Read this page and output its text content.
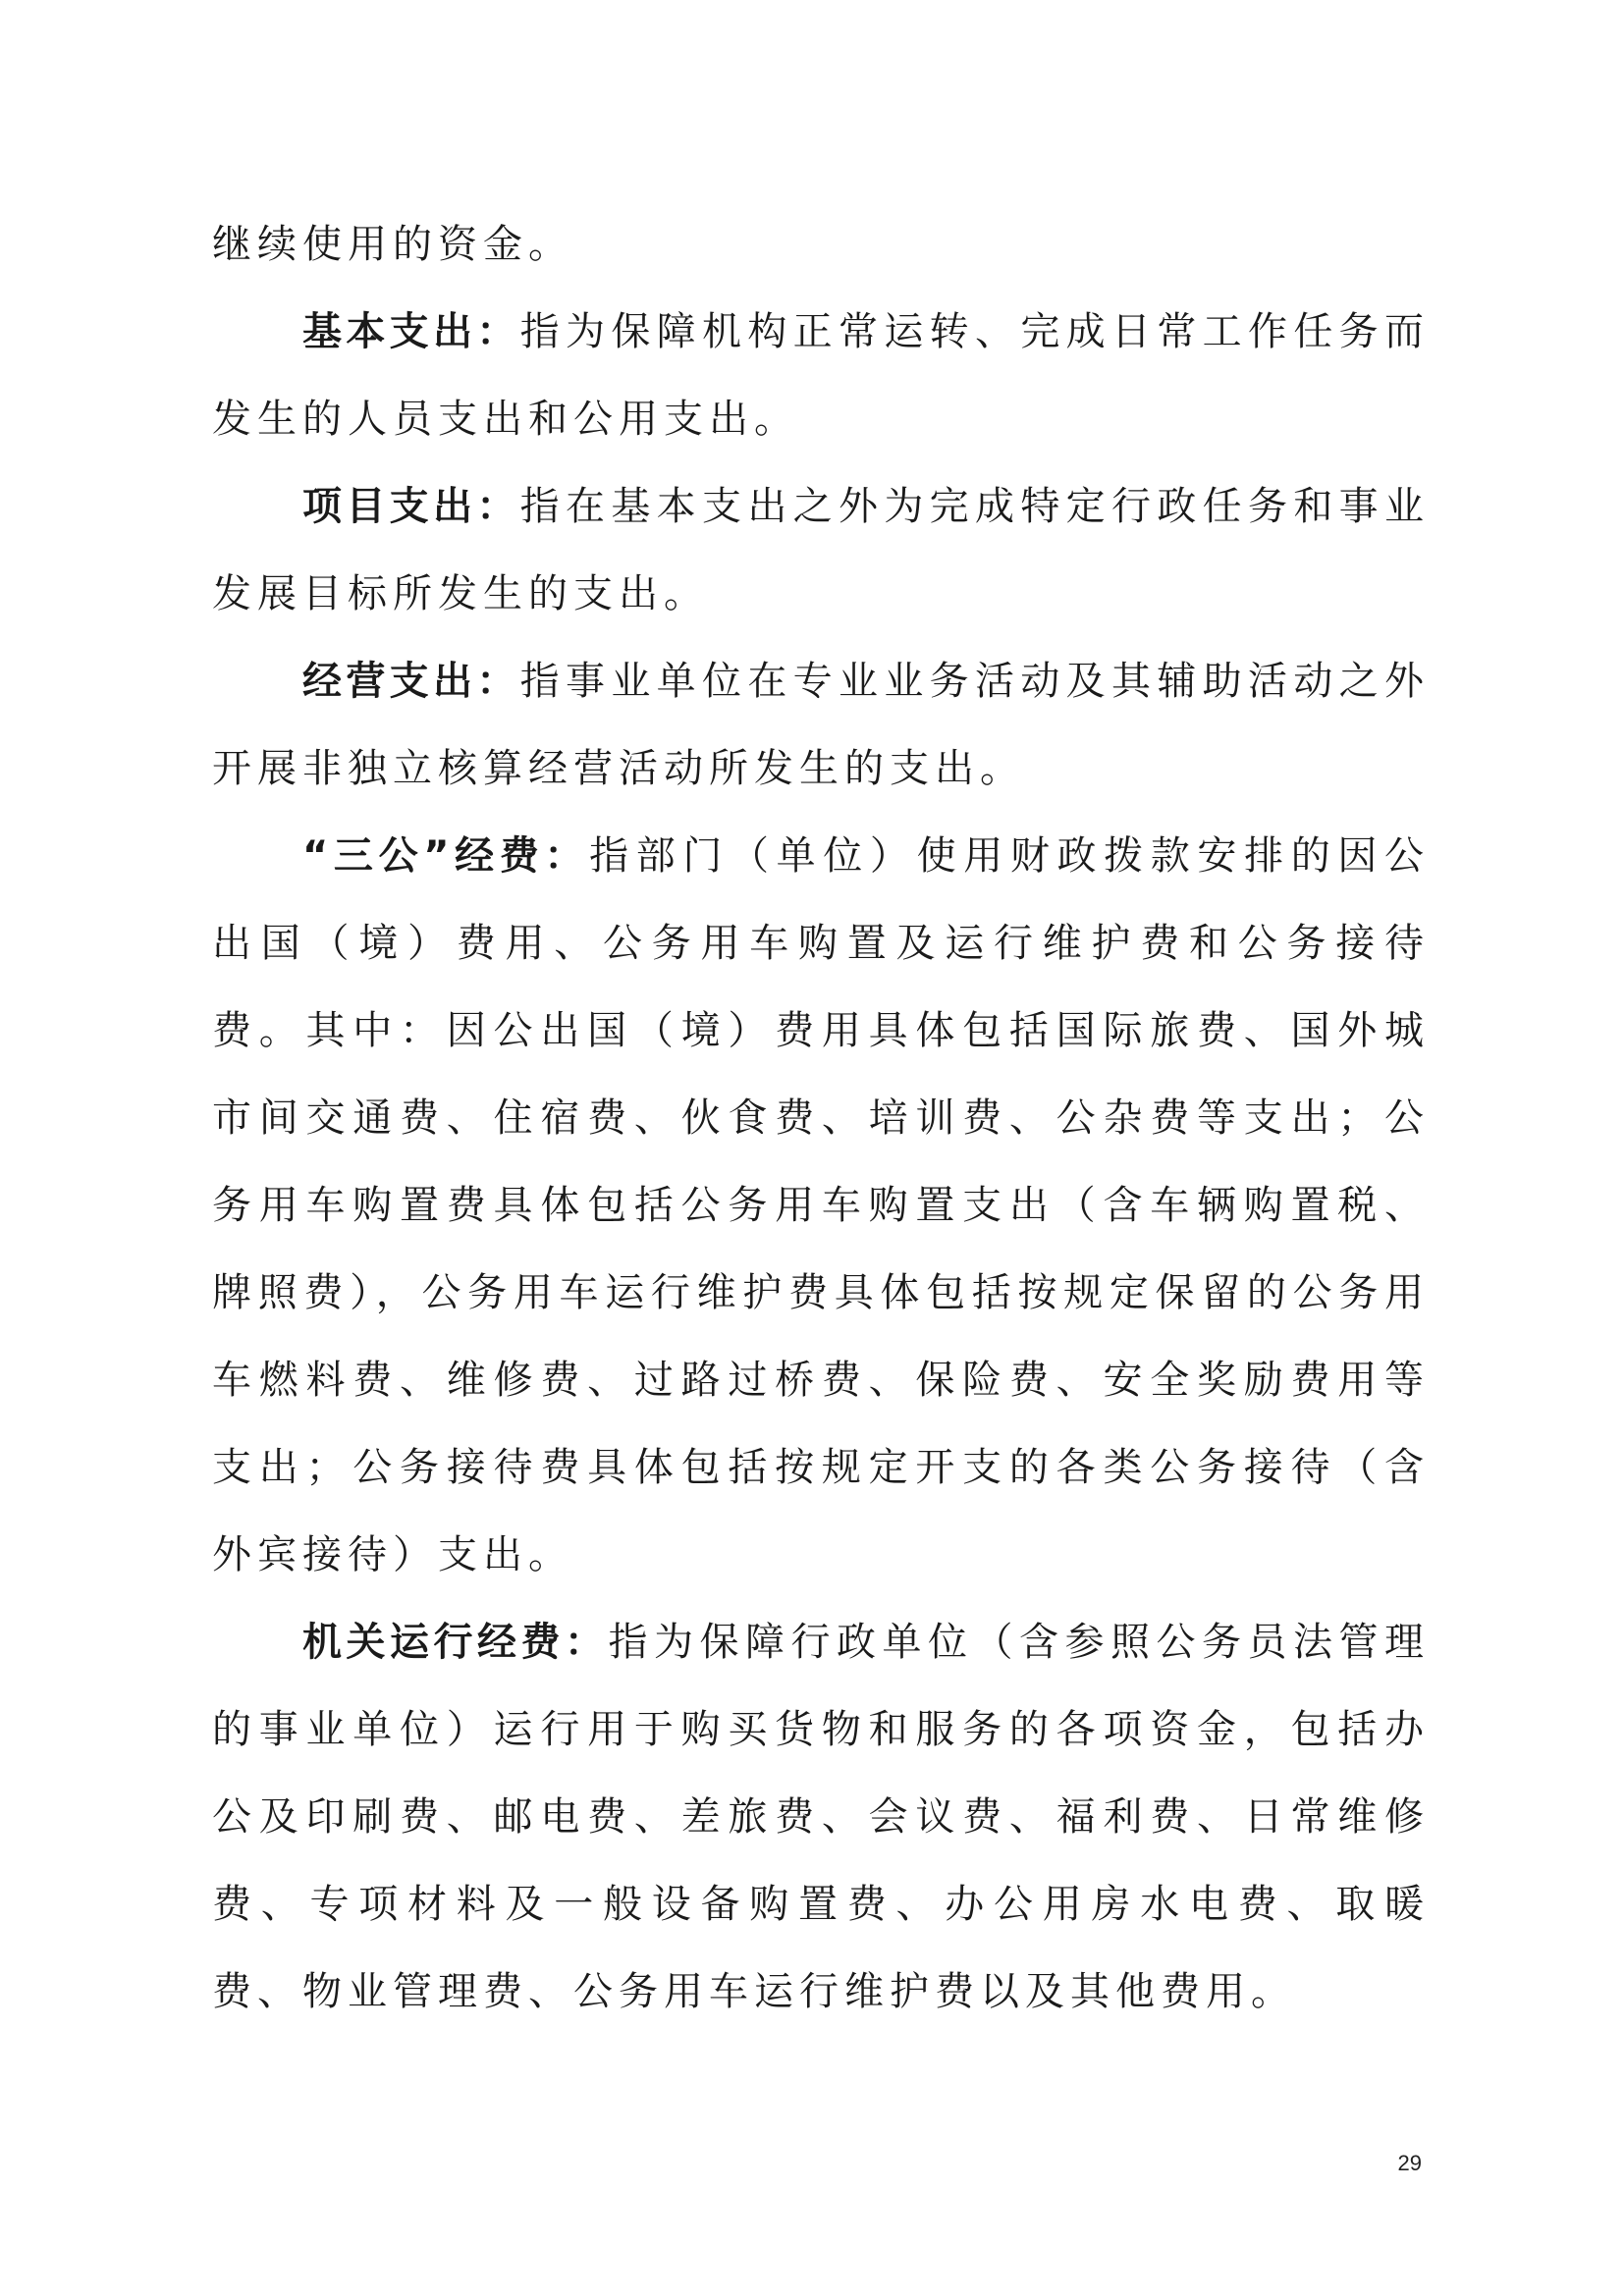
继续使用的资金。

基本支出：指为保障机构正常运转、完成日常工作任务而发生的人员支出和公用支出。

项目支出：指在基本支出之外为完成特定行政任务和事业发展目标所发生的支出。

经营支出：指事业单位在专业业务活动及其辅助活动之外开展非独立核算经营活动所发生的支出。

“三公”经费：指部门（单位）使用财政拨款安排的因公出国（境）费用、公务用车购置及运行维护费和公务接待费。其中：因公出国（境）费用具体包括国际旅费、国外城市间交通费、住宿费、伙食费、培训费、公杂费等支出；公务用车购置费具体包括公务用车购置支出（含车辆购置税、牌照费），公务用车运行维护费具体包括按规定保留的公务用车燃料费、维修费、过路过桥费、保险费、安全奖励费用等支出；公务接待费具体包括按规定开支的各类公务接待（含外宾接待）支出。

机关运行经费：指为保障行政单位（含参照公务员法管理的事业单位）运行用于购买货物和服务的各项资金，包括办公及印刷费、邮电费、差旅费、会议费、福利费、日常维修费、专项材料及一般设备购置费、办公用房水电费、取暖费、物业管理费、公务用车运行维护费以及其他费用。

29
